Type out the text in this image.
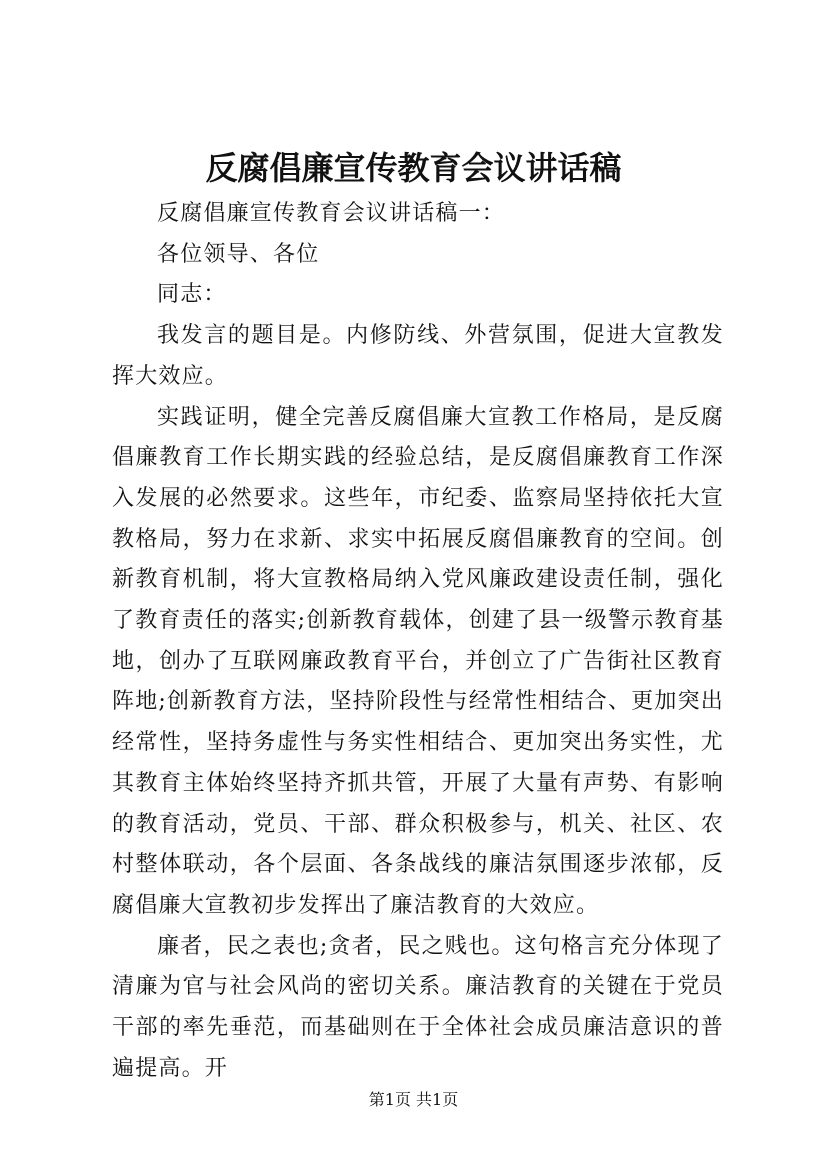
反腐倡廉宣传教育会议讲话稿

反腐倡廉宣传教育会议讲话稿一：

各位领导、各位

同志：

我发言的题目是。内修防线、外营氛围，促进大宣教发挥大效应。

实践证明，健全完善反腐倡廉大宣教工作格局，是反腐倡廉教育工作长期实践的经验总结，是反腐倡廉教育工作深入发展的必然要求。这些年，市纪委、监察局坚持依托大宣教格局，努力在求新、求实中拓展反腐倡廉教育的空间。创新教育机制，将大宣教格局纳入党风廉政建设责任制，强化了教育责任的落实;创新教育载体，创建了县一级警示教育基地，创办了互联网廉政教育平台，并创立了广告街社区教育阵地;创新教育方法，坚持阶段性与经常性相结合、更加突出经常性，坚持务虚性与务实性相结合、更加突出务实性，尤其教育主体始终坚持齐抓共管，开展了大量有声势、有影响的教育活动，党员、干部、群众积极参与，机关、社区、农村整体联动，各个层面、各条战线的廉洁氛围逐步浓郁，反腐倡廉大宣教初步发挥出了廉洁教育的大效应。

廉者，民之表也;贪者，民之贱也。这句格言充分体现了清廉为官与社会风尚的密切关系。廉洁教育的关键在于党员干部的率先垂范，而基础则在于全体社会成员廉洁意识的普遍提高。开

第1页 共1页
